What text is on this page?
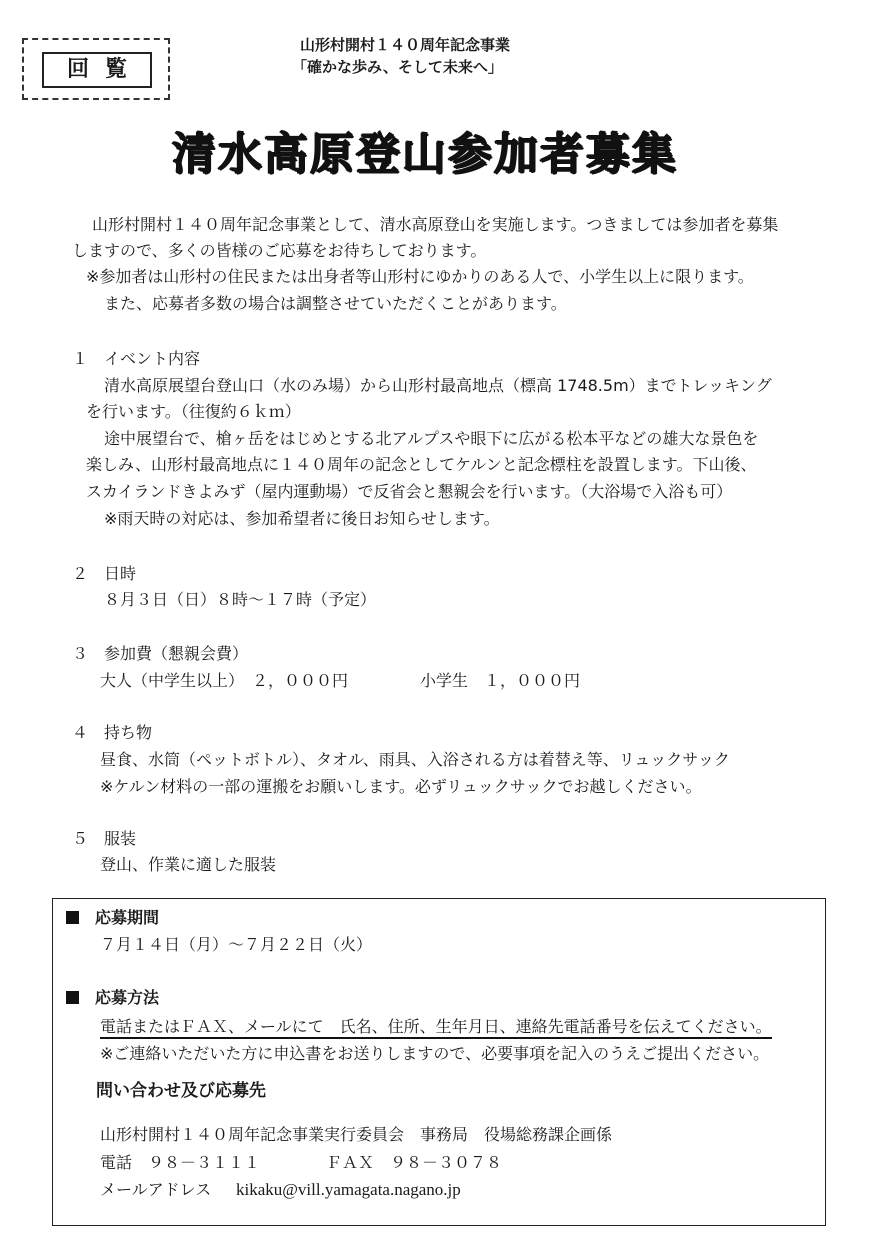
回覧
山形村開村１４０周年記念事業
「確かな歩み、そして未来へ」
清水高原登山参加者募集
山形村開村１４０周年記念事業として、清水高原登山を実施します。つきましては参加者を募集
しますので、多くの皆様のご応募をお待ちしております。
※参加者は山形村の住民または出身者等山形村にゆかりのある人で、小学生以上に限ります。
また、応募者多数の場合は調整させていただくことがあります。
１　イベント内容
清水高原展望台登山口（水のみ場）から山形村最高地点（標高 1748.5m）までトレッキング
を行います。（往復約６ｋｍ）
途中展望台で、槍ヶ岳をはじめとする北アルプスや眼下に広がる松本平などの雄大な景色を
楽しみ、山形村最高地点に１４０周年の記念としてケルンと記念標柱を設置します。下山後、
スカイランドきよみず（屋内運動場）で反省会と懇親会を行います。（大浴場で入浴も可）
※雨天時の対応は、参加希望者に後日お知らせします。
２　日時
８月３日（日）８時～１７時（予定）
３　参加費（懇親会費）
大人（中学生以上）　２，０００円	小学生　１，０００円
４　持ち物
昼食、水筒（ペットボトル）、タオル、雨具、入浴される方は着替え等、リュックサック
※ケルン材料の一部の運搬をお願いします。必ずリュックサックでお越しください。
５　服装
登山、作業に適した服装
応募期間
７月１４日（月）～７月２２日（火）
応募方法
電話またはＦＡＸ、メールにて　氏名、住所、生年月日、連絡先電話番号を伝えてください。
※ご連絡いただいた方に申込書をお送りしますので、必要事項を記入のうえご提出ください。
問い合わせ及び応募先
山形村開村１４０周年記念事業実行委員会　事務局　役場総務課企画係
電話　９８－３１１１	ＦＡＸ　９８－３０７８
メールアドレス kikaku@vill.yamagata.nagano.jp
